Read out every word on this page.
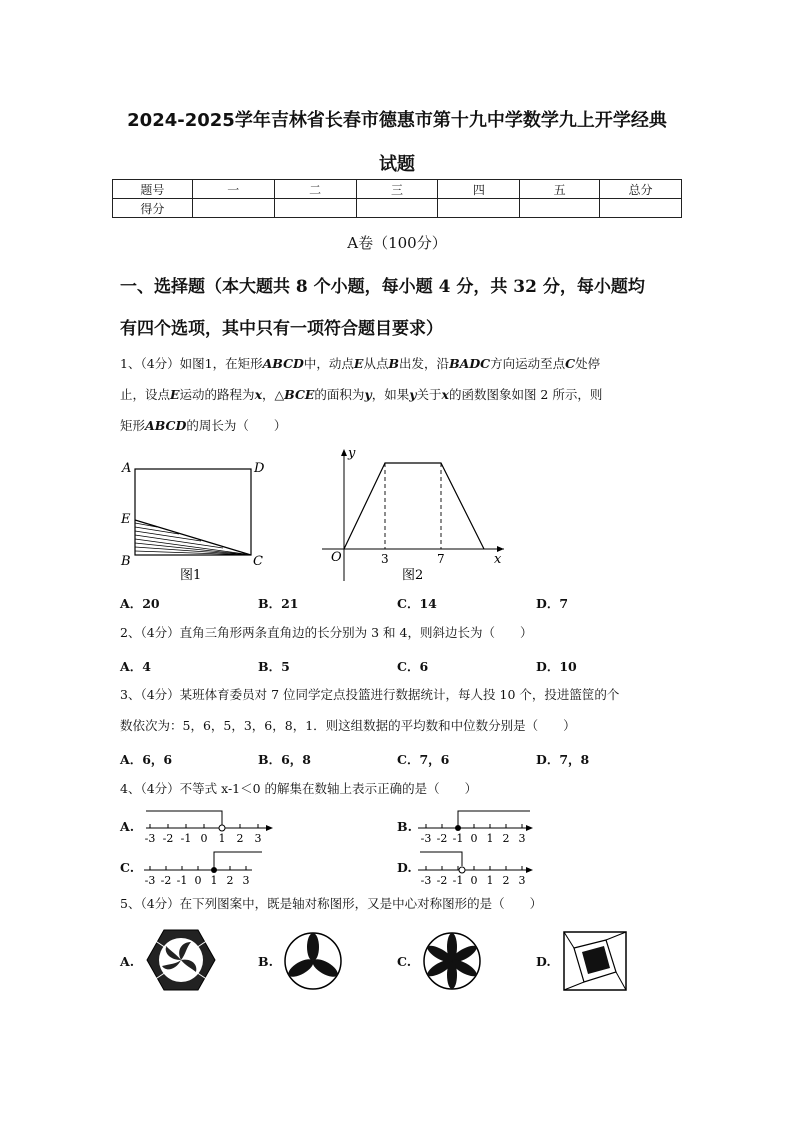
2024-2025学年吉林省长春市德惠市第十九中学数学九上开学经典
试题
题号	一	二	三	四	五	总分
得分						
A卷（100分）
一、选择题（本大题共 8 个小题，每小题 4 分，共 32 分，每小题均
有四个选项，其中只有一项符合题目要求）
1、（4分）如图1，在矩形ABCD中，动点E从点B出发，沿BADC方向运动至点C处停
止，设点E运动的路程为x，△BCE的面积为y，如果y关于x的函数图象如图 2 所示，则
矩形ABCD的周长为（　　）
A	D
E
B	C
图1
y
O	3	7	x
图2
A．20	B．21	C．14	D．7
2、（4分）直角三角形两条直角边的长分别为 3 和 4，则斜边长为（　　）
A．4	B．5	C．6	D．10
3、（4分）某班体育委员对 7 位同学定点投篮进行数据统计，每人投 10 个，投进篮筐的个
数依次为：5，6，5，3，6，8，1．则这组数据的平均数和中位数分别是（　　）
A．6，6	B．6，8	C．7，6	D．7，8
4、（4分）不等式 x-1＜0 的解集在数轴上表示正确的是（　　）
A.
-3 -2 -1 0 1 2 3
B.
-3 -2 -1 0 1 2 3
C.
-3 -2 -1 0 1 2 3
D.
-3 -2 -1 0 1 2 3
5、（4分）在下列图案中，既是轴对称图形，又是中心对称图形的是（　　）
A.	B.	C.	D.
